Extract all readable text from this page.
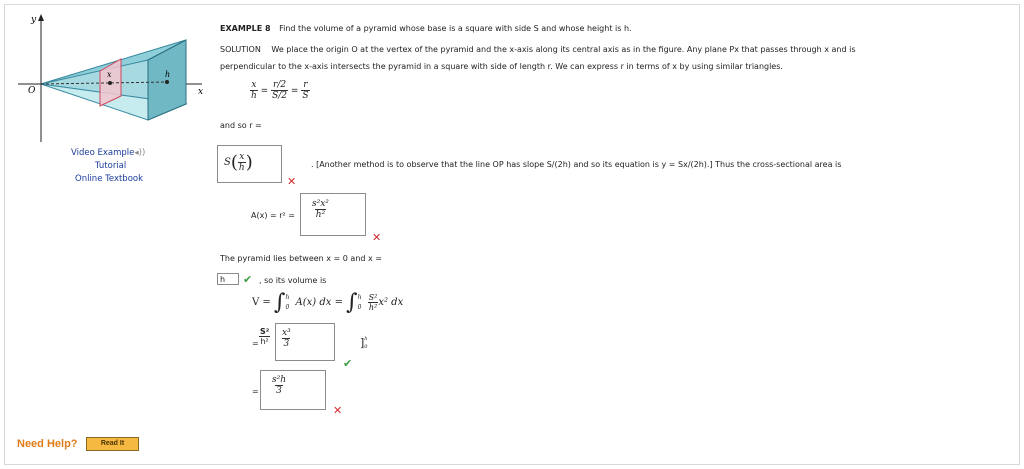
y
x
O
x	h
Video Example◂))
Tutorial
Online Textbook
Need Help?	Read It
EXAMPLE 8 Find the volume of a pyramid whose base is a square with side S and whose height is h.
SOLUTION We place the origin O at the vertex of the pyramid and the x-axis along its central axis as in the figure. Any plane Px that passes through x and is
perpendicular to the x-axis intersects the pyramid in a square with side of length r. We can express r in terms of x by using similar triangles.
$\frac{x}{h} = \frac{r/2}{S/2} = \frac{r}{S}$
and so r =
$S( \frac{x}{h}$ )
✕
. [Another method is to observe that the line OP has slope S/(2h) and so its equation is y = Sx/(2h).] Thus the cross-sectional area is
$A(x) = r^2 = \frac{\text{s²x²}}{\text{h²}}$
✕
The pyramid lies between x = 0 and x =
h
✔ , so its volume is
V = ∫h
0 A(x) dx = ∫h
$0 \frac{\text{S²}}{\text{h²}} x^2$ dx
= $\frac{\text{S²}}{\text{h²}} \frac{\text{x³}}{3}$	]h
0
✔
= $\frac{\text{s²h}}{3}$
✕
